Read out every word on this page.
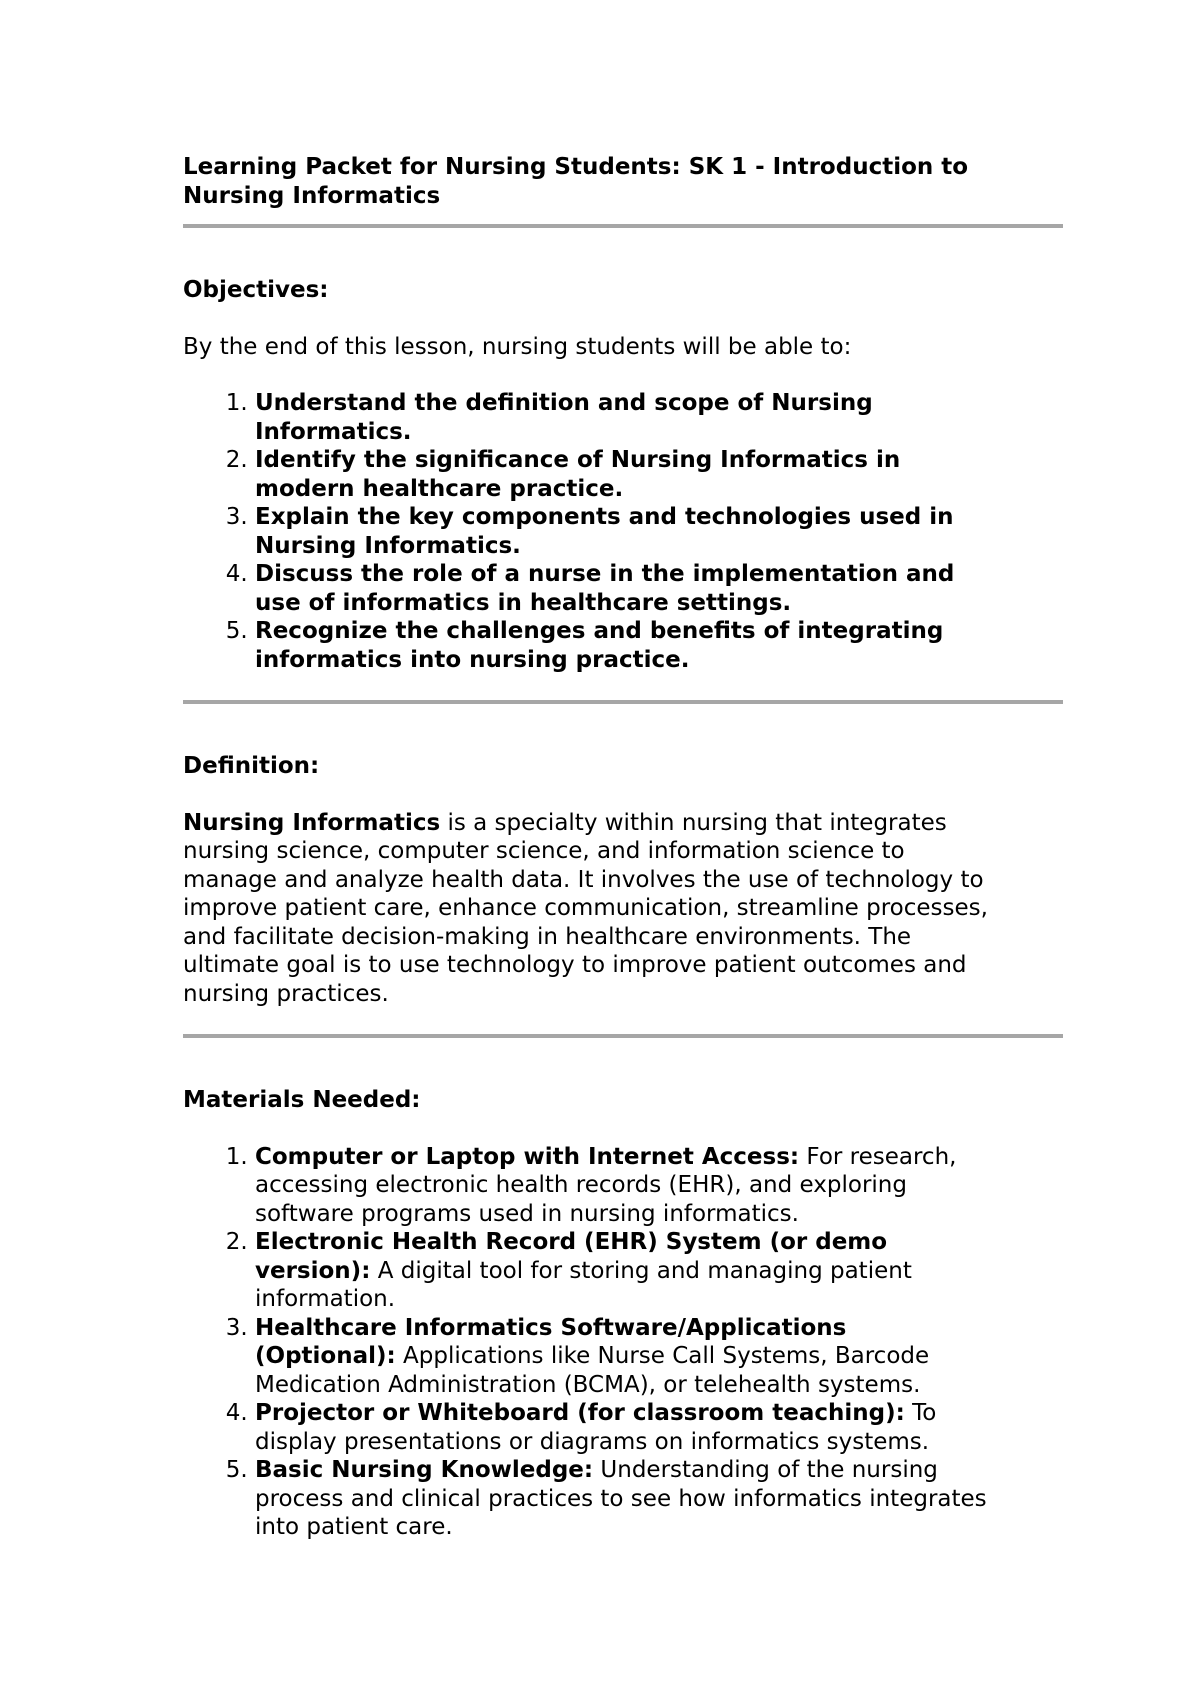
Learning Packet for Nursing Students: SK 1 - Introduction to Nursing Informatics
Objectives:

By the end of this lesson, nursing students will be able to:

1. Understand the definition and scope of Nursing Informatics.
2. Identify the significance of Nursing Informatics in modern healthcare practice.
3. Explain the key components and technologies used in Nursing Informatics.
4. Discuss the role of a nurse in the implementation and use of informatics in healthcare settings.
5. Recognize the challenges and benefits of integrating informatics into nursing practice.
Definition:

Nursing Informatics is a specialty within nursing that integrates nursing science, computer science, and information science to manage and analyze health data. It involves the use of technology to improve patient care, enhance communication, streamline processes, and facilitate decision-making in healthcare environments. The ultimate goal is to use technology to improve patient outcomes and nursing practices.

Materials Needed:
1. Computer or Laptop with Internet Access: For research, accessing electronic health records (EHR), and exploring software programs used in nursing informatics.
2. Electronic Health Record (EHR) System (or demo version): A digital tool for storing and managing patient information.
3. Healthcare Informatics Software/Applications (Optional): Applications like Nurse Call Systems, Barcode Medication Administration (BCMA), or telehealth systems.
4. Projector or Whiteboard (for classroom teaching): To display presentations or diagrams on informatics systems.
5. Basic Nursing Knowledge: Understanding of the nursing process and clinical practices to see how informatics integrates into patient care.
